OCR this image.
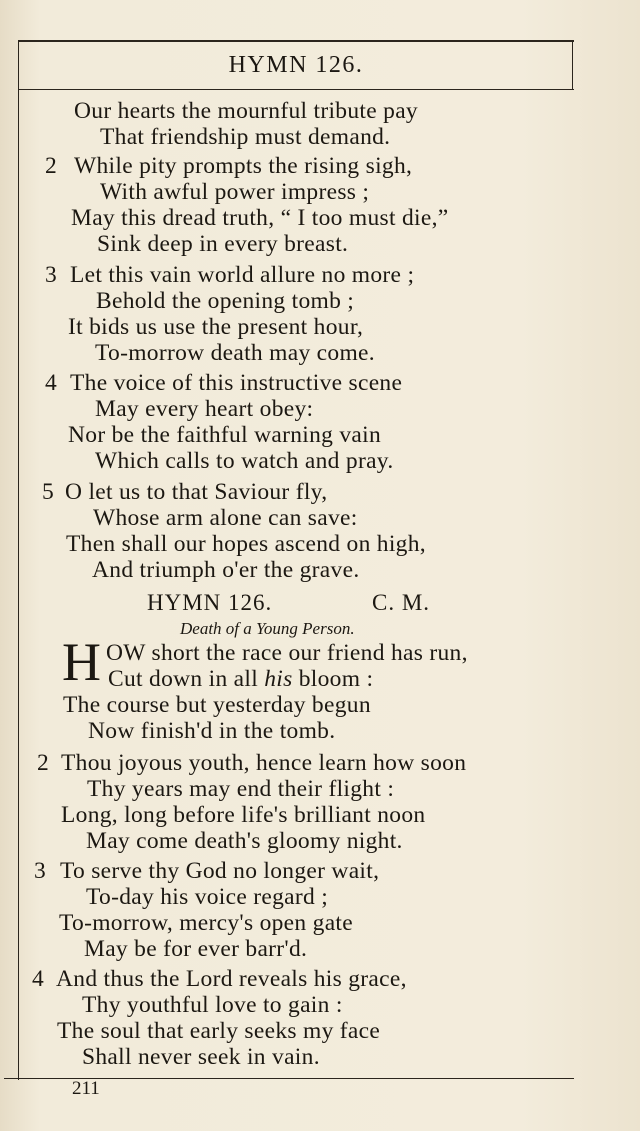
HYMN 126.
Our hearts the mournful tribute pay
That friendship must demand.
2 While pity prompts the rising sigh,
With awful power impress ;
May this dread truth, “ I too must die,”
Sink deep in every breast.
3 Let this vain world allure no more ;
Behold the opening tomb ;
It bids us use the present hour,
To-morrow death may come.
4 The voice of this instructive scene
May every heart obey:
Nor be the faithful warning vain
Which calls to watch and pray.
5 O let us to that Saviour fly,
Whose arm alone can save:
Then shall our hopes ascend on high,
And triumph o'er the grave.
HYMN 126.	C. M.
Death of a Young Person.
H OW short the race our friend has run,
Cut down in all his bloom :
The course but yesterday begun
Now finish'd in the tomb.
2 Thou joyous youth, hence learn how soon
Thy years may end their flight :
Long, long before life's brilliant noon
May come death's gloomy night.
3 To serve thy God no longer wait,
To-day his voice regard ;
To-morrow, mercy's open gate
May be for ever barr'd.
4 And thus the Lord reveals his grace,
Thy youthful love to gain :
The soul that early seeks my face
Shall never seek in vain.
211
